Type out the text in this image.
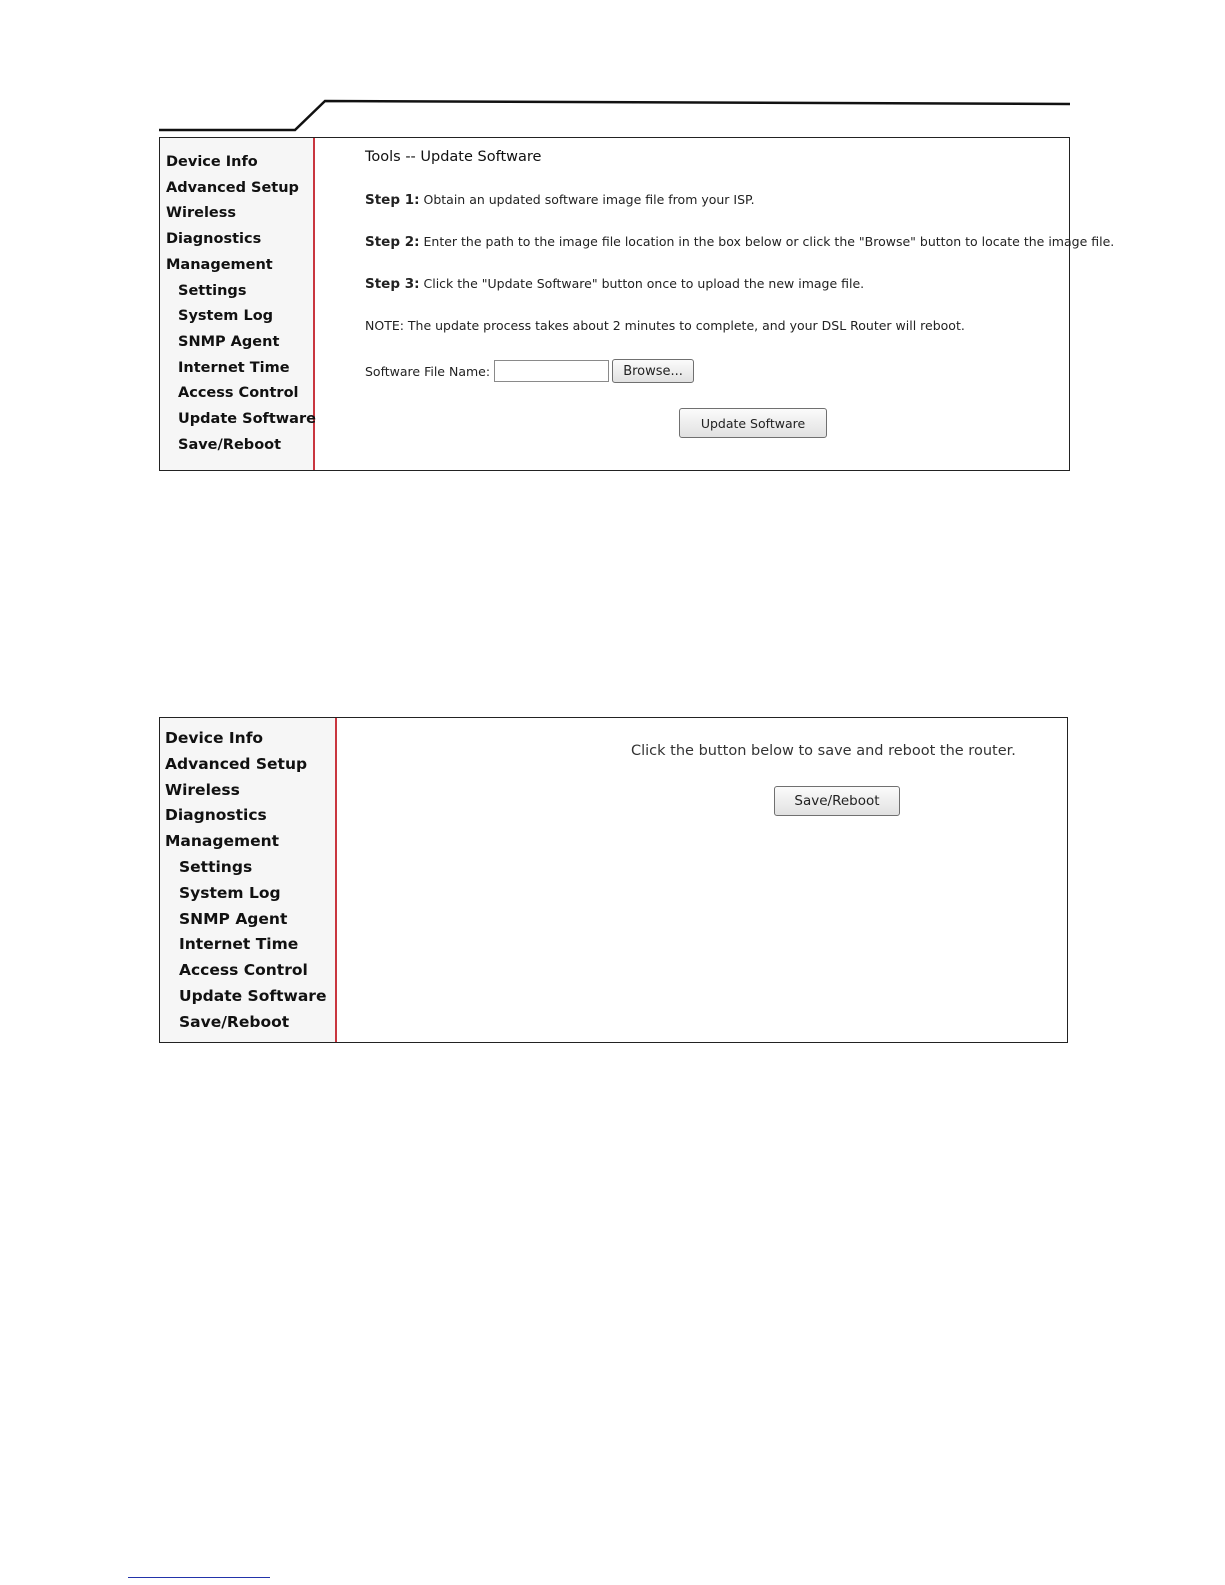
Device Info
Advanced Setup
Wireless
Diagnostics
Management
Settings
System Log
SNMP Agent
Internet Time
Access Control
Update Software
Save/Reboot
Tools -- Update Software
Step 1: Obtain an updated software image file from your ISP.
Step 2: Enter the path to the image file location in the box below or click the "Browse" button to locate the image file.
Step 3: Click the "Update Software" button once to upload the new image file.
NOTE: The update process takes about 2 minutes to complete, and your DSL Router will reboot.
Software File Name:	Browse...
Update Software
Device Info
Advanced Setup
Wireless
Diagnostics
Management
Settings
System Log
SNMP Agent
Internet Time
Access Control
Update Software
Save/Reboot
Click the button below to save and reboot the router.
Save/Reboot
